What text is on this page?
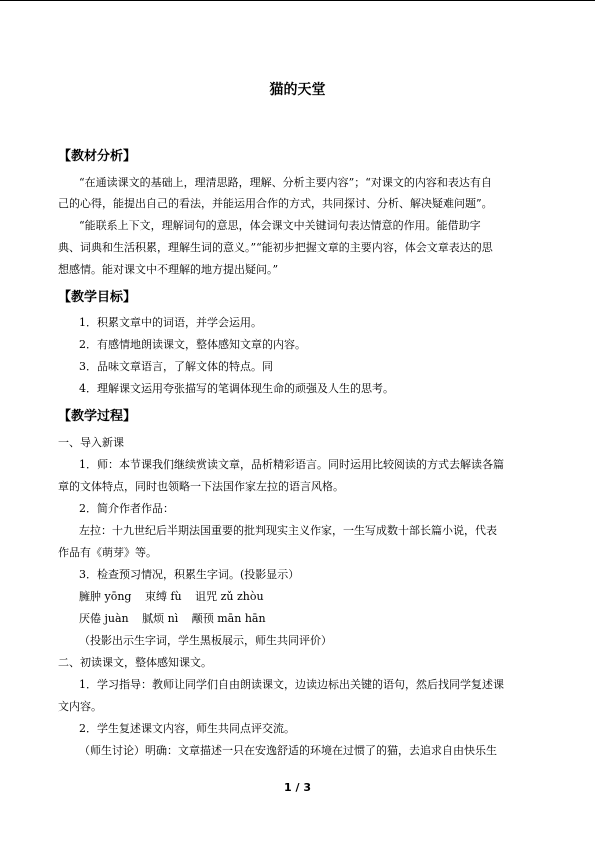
猫的天堂
【教材分析】
“在通读课文的基础上，理清思路，理解、分析主要内容”；“对课文的内容和表达有自
己的心得，能提出自己的看法，并能运用合作的方式，共同探讨、分析、解决疑难问题”。
“能联系上下文，理解词句的意思，体会课文中关键词句表达情意的作用。能借助字
典、词典和生活积累，理解生词的意义。”“能初步把握文章的主要内容，体会文章表达的思
想感情。能对课文中不理解的地方提出疑问。”
【教学目标】
1．积累文章中的词语，并学会运用。
2．有感情地朗读课文，整体感知文章的内容。
3．品味文章语言，了解文体的特点。同
4．理解课文运用夸张描写的笔调体现生命的顽强及人生的思考。
【教学过程】
一、导入新课
1．师：本节课我们继续赏读文章，品析精彩语言。同时运用比较阅读的方式去解读各篇
章的文体特点，同时也领略一下法国作家左拉的语言风格。
2．简介作者作品：
左拉：十九世纪后半期法国重要的批判现实主义作家，一生写成数十部长篇小说，代表
作品有《萌芽》等。
3．检查预习情况，积累生字词。(投影显示）
臃肿 yōng 束缚 fù 诅咒 zǔ zhòu
厌倦 juàn 腻烦 nì 颟顸 mān hān
（投影出示生字词，学生黑板展示，师生共同评价）
二、初读课文，整体感知课文。
1．学习指导：教师让同学们自由朗读课文，边读边标出关键的语句，然后找同学复述课
文内容。
2．学生复述课文内容，师生共同点评交流。
（师生讨论）明确：文章描述一只在安逸舒适的环境在过惯了的猫，去追求自由快乐生
1 / 3
